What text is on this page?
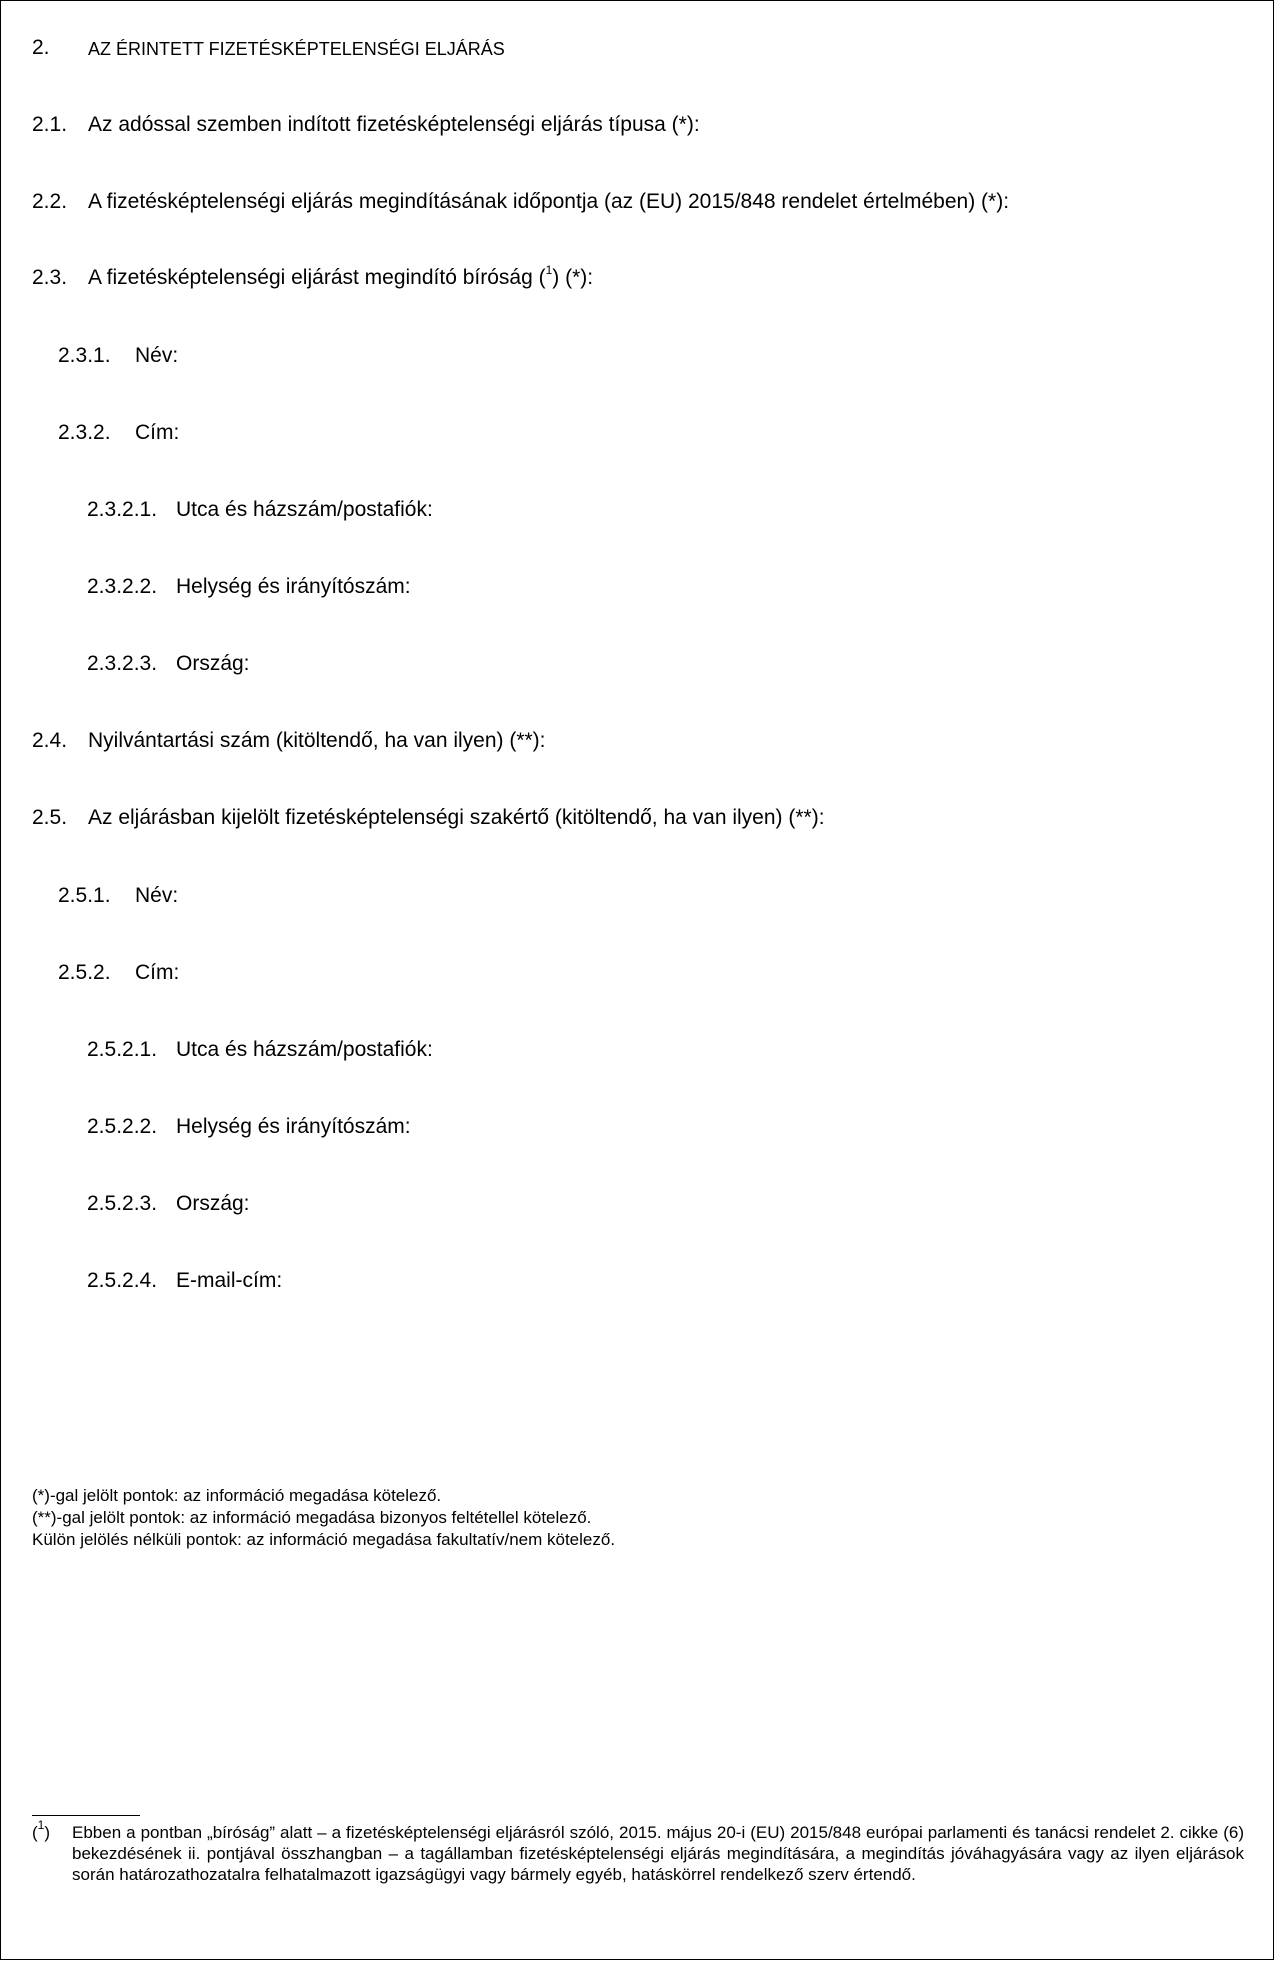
2. AZ ÉRINTETT FIZETÉSKÉPTELENSÉGI ELJÁRÁS
2.1. Az adóssal szemben indított fizetésképtelenségi eljárás típusa (*):
2.2. A fizetésképtelenségi eljárás megindításának időpontja (az (EU) 2015/848 rendelet értelmében) (*):
2.3. A fizetésképtelenségi eljárást megindító bíróság ($^1$) (*):
2.3.1. Név:
2.3.2. Cím:
2.3.2.1. Utca és házszám/postafiók:
2.3.2.2. Helység és irányítószám:
2.3.2.3. Ország:
2.4. Nyilvántartási szám (kitöltendő, ha van ilyen) (**):
2.5. Az eljárásban kijelölt fizetésképtelenségi szakértő (kitöltendő, ha van ilyen) (**):
2.5.1. Név:
2.5.2. Cím:
2.5.2.1. Utca és házszám/postafiók:
2.5.2.2. Helység és irányítószám:
2.5.2.3. Ország:
2.5.2.4. E-mail-cím:
(*)-gal jelölt pontok: az információ megadása kötelező.
(**)-gal jelölt pontok: az információ megadása bizonyos feltétellel kötelező.
Külön jelölés nélküli pontok: az információ megadása fakultatív/nem kötelező.
($^1$) Ebben a pontban „bíróság” alatt – a fizetésképtelenségi eljárásról szóló, 2015. május 20-i (EU) 2015/848 európai parlamenti és tanácsi rendelet 2. cikke (6) bekezdésének ii. pontjával összhangban – a tagállamban fizetésképtelenségi eljárás megindítására, a megindítás jóváhagyására vagy az ilyen eljárások során határozathozatalra felhatalmazott igazságügyi vagy bármely egyéb, hatáskörrel rendelkező szerv értendő.
